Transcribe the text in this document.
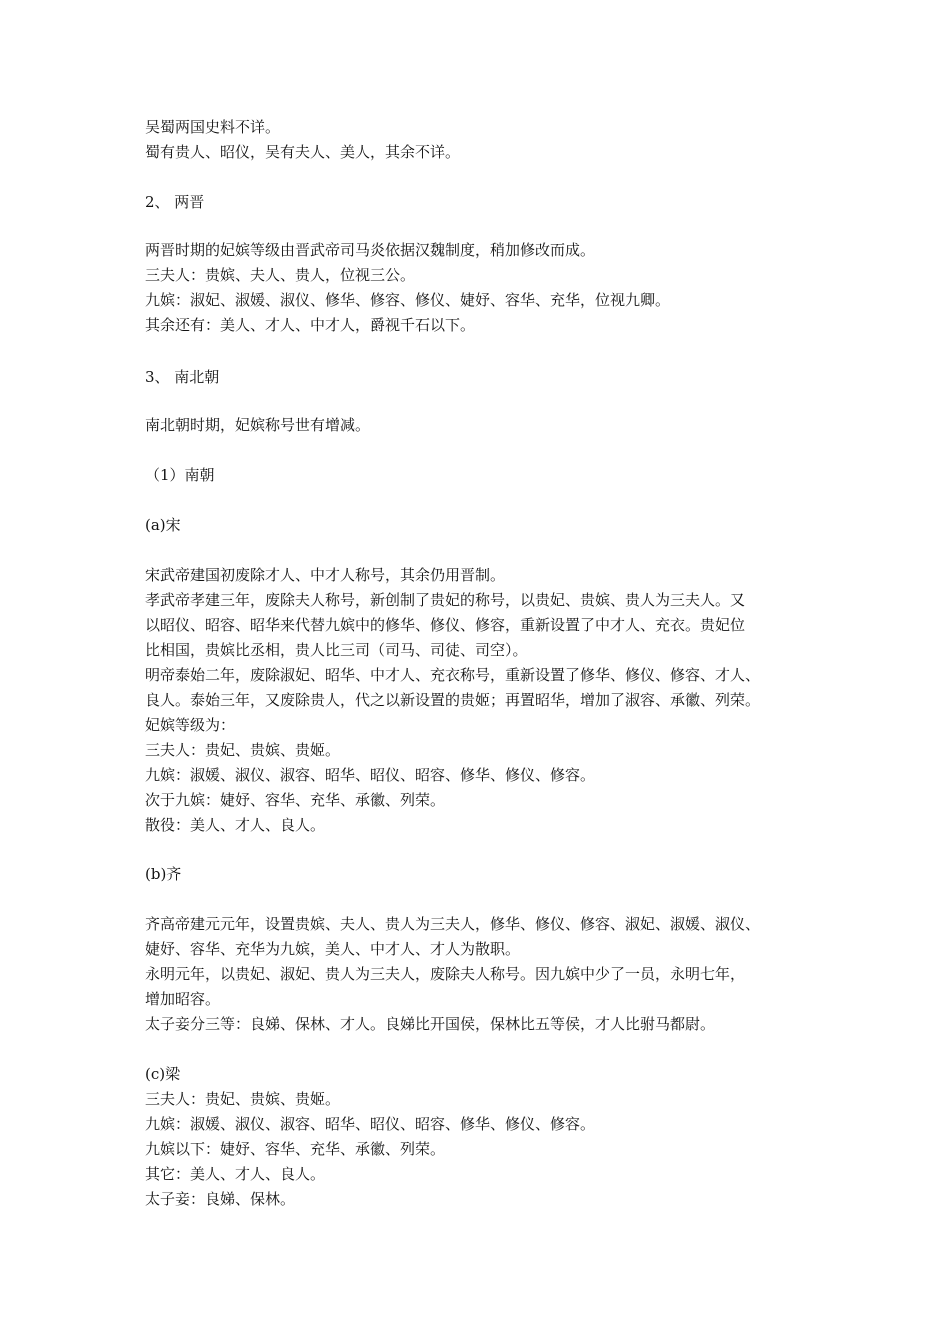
吴蜀两国史料不详。

蜀有贵人、昭仪，吴有夫人、美人，其余不详。

2、 两晋

两晋时期的妃嫔等级由晋武帝司马炎依据汉魏制度，稍加修改而成。

三夫人：贵嫔、夫人、贵人，位视三公。

九嫔：淑妃、淑媛、淑仪、修华、修容、修仪、婕妤、容华、充华，位视九卿。

其余还有：美人、才人、中才人，爵视千石以下。

3、 南北朝

南北朝时期，妃嫔称号世有增减。

（1）南朝

(a)宋

宋武帝建国初废除才人、中才人称号，其余仍用晋制。

孝武帝孝建三年，废除夫人称号，新创制了贵妃的称号，以贵妃、贵嫔、贵人为三夫人。又

以昭仪、昭容、昭华来代替九嫔中的修华、修仪、修容，重新设置了中才人、充衣。贵妃位

比相国，贵嫔比丞相，贵人比三司（司马、司徒、司空）。

明帝泰始二年，废除淑妃、昭华、中才人、充衣称号，重新设置了修华、修仪、修容、才人、

良人。泰始三年，又废除贵人，代之以新设置的贵姬；再置昭华，增加了淑容、承徽、列荣。

妃嫔等级为：

三夫人：贵妃、贵嫔、贵姬。

九嫔：淑媛、淑仪、淑容、昭华、昭仪、昭容、修华、修仪、修容。

次于九嫔：婕妤、容华、充华、承徽、列荣。

散役：美人、才人、良人。

(b)齐

齐高帝建元元年，设置贵嫔、夫人、贵人为三夫人，修华、修仪、修容、淑妃、淑媛、淑仪、

婕妤、容华、充华为九嫔，美人、中才人、才人为散职。

永明元年，以贵妃、淑妃、贵人为三夫人，废除夫人称号。因九嫔中少了一员，永明七年，

增加昭容。

太子妾分三等：良娣、保林、才人。良娣比开国侯，保林比五等侯，才人比驸马都尉。

(c)梁

三夫人：贵妃、贵嫔、贵姬。

九嫔：淑媛、淑仪、淑容、昭华、昭仪、昭容、修华、修仪、修容。

九嫔以下：婕妤、容华、充华、承徽、列荣。

其它：美人、才人、良人。

太子妾：良娣、保林。
